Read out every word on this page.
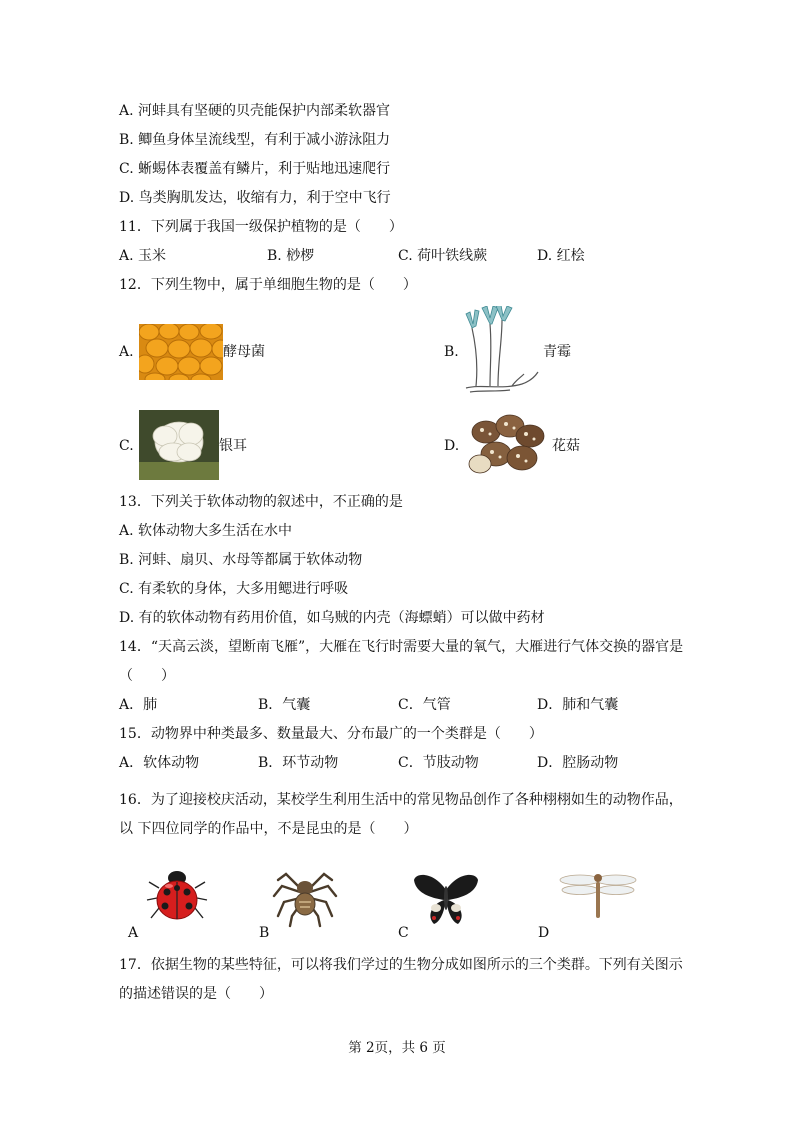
A. 河蚌具有坚硬的贝壳能保护内部柔软器官
B. 鲫鱼身体呈流线型，有利于减小游泳阻力
C. 蜥蜴体表覆盖有鳞片，利于贴地迅速爬行
D. 鸟类胸肌发达，收缩有力，利于空中飞行
11．下列属于我国一级保护植物的是（　　）
A. 玉米	B. 桫椤	C. 荷叶铁线蕨	D. 红桧
12．下列生物中，属于单细胞生物的是（　　）
A.	酵母菌	B.	青霉
C.	银耳	D.	花菇
13．下列关于软体动物的叙述中，不正确的是
A. 软体动物大多生活在水中
B. 河蚌、扇贝、水母等都属于软体动物
C. 有柔软的身体，大多用鳃进行呼吸
D. 有的软体动物有药用价值，如乌贼的内壳（海螵蛸）可以做中药材
14．“天高云淡，望断南飞雁”，大雁在飞行时需要大量的氧气，大雁进行气体交换的器官是
（　　）
A．肺	B．气囊	C．气管	D．肺和气囊
15．动物界中种类最多、数量最大、分布最广的一个类群是（　　）
A．软体动物	B．环节动物	C．节肢动物	D．腔肠动物
16．为了迎接校庆活动，某校学生利用生活中的常见物品创作了各种栩栩如生的动物作品，
以 下四位同学的作品中，不是昆虫的是（　　）
A	B	C	D
17．依据生物的某些特征，可以将我们学过的生物分成如图所示的三个类群。下列有关图示
的描述错误的是（　　）
第 2页，共 6 页
